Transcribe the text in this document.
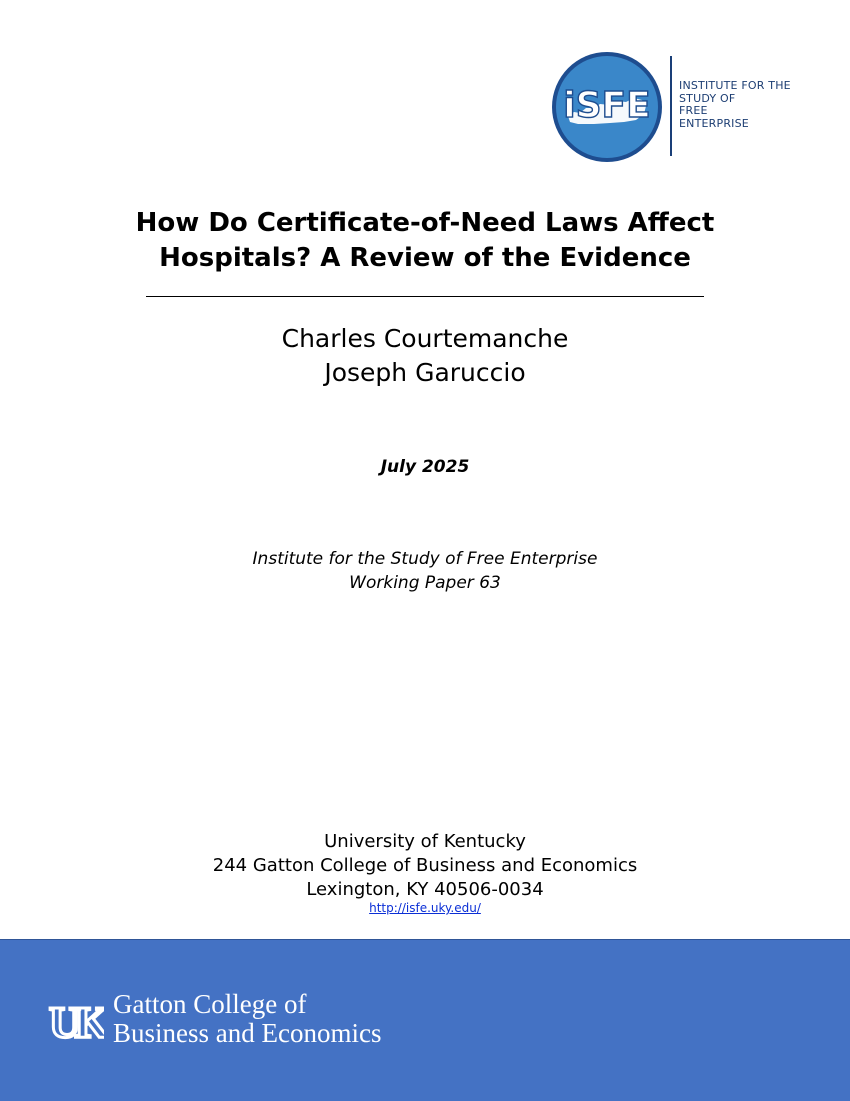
iSFE	INSTITUTE FOR THE
STUDY OF
FREE
ENTERPRISE
How Do Certificate-of-Need Laws Affect
Hospitals? A Review of the Evidence
Charles Courtemanche
Joseph Garuccio
July 2025
Institute for the Study of Free Enterprise
Working Paper 63
University of Kentucky
244 Gatton College of Business and Economics
Lexington, KY 40506-0034
http://isfe.uky.edu/
UK Gatton College of
Business and Economics
